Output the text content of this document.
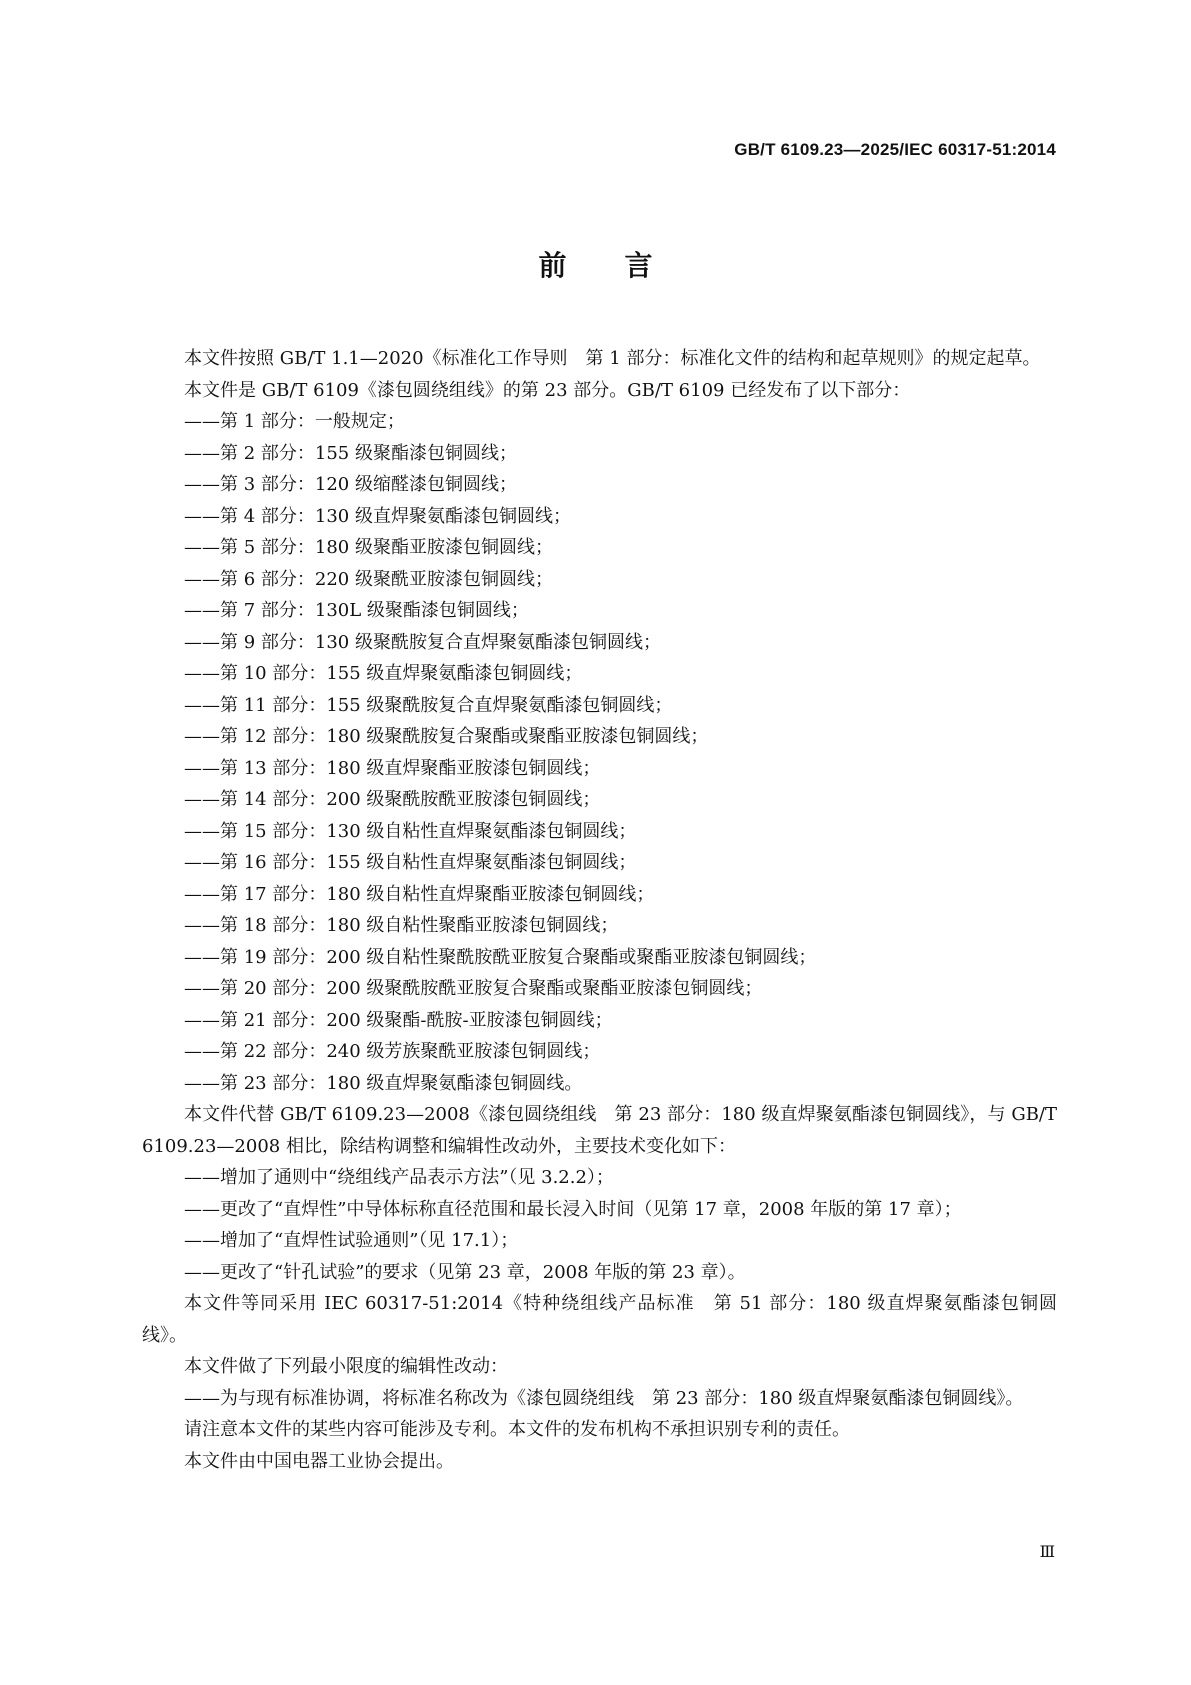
GB/T 6109.23—2025/IEC 60317-51:2014
前言

本文件按照 GB/T 1.1—2020《标准化工作导则　第 1 部分：标准化文件的结构和起草规则》的规定起草。

本文件是 GB/T 6109《漆包圆绕组线》的第 23 部分。GB/T 6109 已经发布了以下部分：

——第 1 部分：一般规定；

——第 2 部分：155 级聚酯漆包铜圆线；

——第 3 部分：120 级缩醛漆包铜圆线；

——第 4 部分：130 级直焊聚氨酯漆包铜圆线；

——第 5 部分：180 级聚酯亚胺漆包铜圆线；

——第 6 部分：220 级聚酰亚胺漆包铜圆线；

——第 7 部分：130L 级聚酯漆包铜圆线；

——第 9 部分：130 级聚酰胺复合直焊聚氨酯漆包铜圆线；

——第 10 部分：155 级直焊聚氨酯漆包铜圆线；

——第 11 部分：155 级聚酰胺复合直焊聚氨酯漆包铜圆线；

——第 12 部分：180 级聚酰胺复合聚酯或聚酯亚胺漆包铜圆线；

——第 13 部分：180 级直焊聚酯亚胺漆包铜圆线；

——第 14 部分：200 级聚酰胺酰亚胺漆包铜圆线；

——第 15 部分：130 级自粘性直焊聚氨酯漆包铜圆线；

——第 16 部分：155 级自粘性直焊聚氨酯漆包铜圆线；

——第 17 部分：180 级自粘性直焊聚酯亚胺漆包铜圆线；

——第 18 部分：180 级自粘性聚酯亚胺漆包铜圆线；

——第 19 部分：200 级自粘性聚酰胺酰亚胺复合聚酯或聚酯亚胺漆包铜圆线；

——第 20 部分：200 级聚酰胺酰亚胺复合聚酯或聚酯亚胺漆包铜圆线；

——第 21 部分：200 级聚酯-酰胺-亚胺漆包铜圆线；

——第 22 部分：240 级芳族聚酰亚胺漆包铜圆线；

——第 23 部分：180 级直焊聚氨酯漆包铜圆线。

本文件代替 GB/T 6109.23—2008《漆包圆绕组线　第 23 部分：180 级直焊聚氨酯漆包铜圆线》，与 GB/T 6109.23—2008 相比，除结构调整和编辑性改动外，主要技术变化如下：

——增加了通则中“绕组线产品表示方法”（见 3.2.2）；

——更改了“直焊性”中导体标称直径范围和最长浸入时间（见第 17 章，2008 年版的第 17 章）；

——增加了“直焊性试验通则”（见 17.1）；

——更改了“针孔试验”的要求（见第 23 章，2008 年版的第 23 章）。

本文件等同采用 IEC 60317-51:2014《特种绕组线产品标准　第 51 部分：180 级直焊聚氨酯漆包铜圆线》。

本文件做了下列最小限度的编辑性改动：

——为与现有标准协调，将标准名称改为《漆包圆绕组线　第 23 部分：180 级直焊聚氨酯漆包铜圆线》。

请注意本文件的某些内容可能涉及专利。本文件的发布机构不承担识别专利的责任。

本文件由中国电器工业协会提出。

Ⅲ
